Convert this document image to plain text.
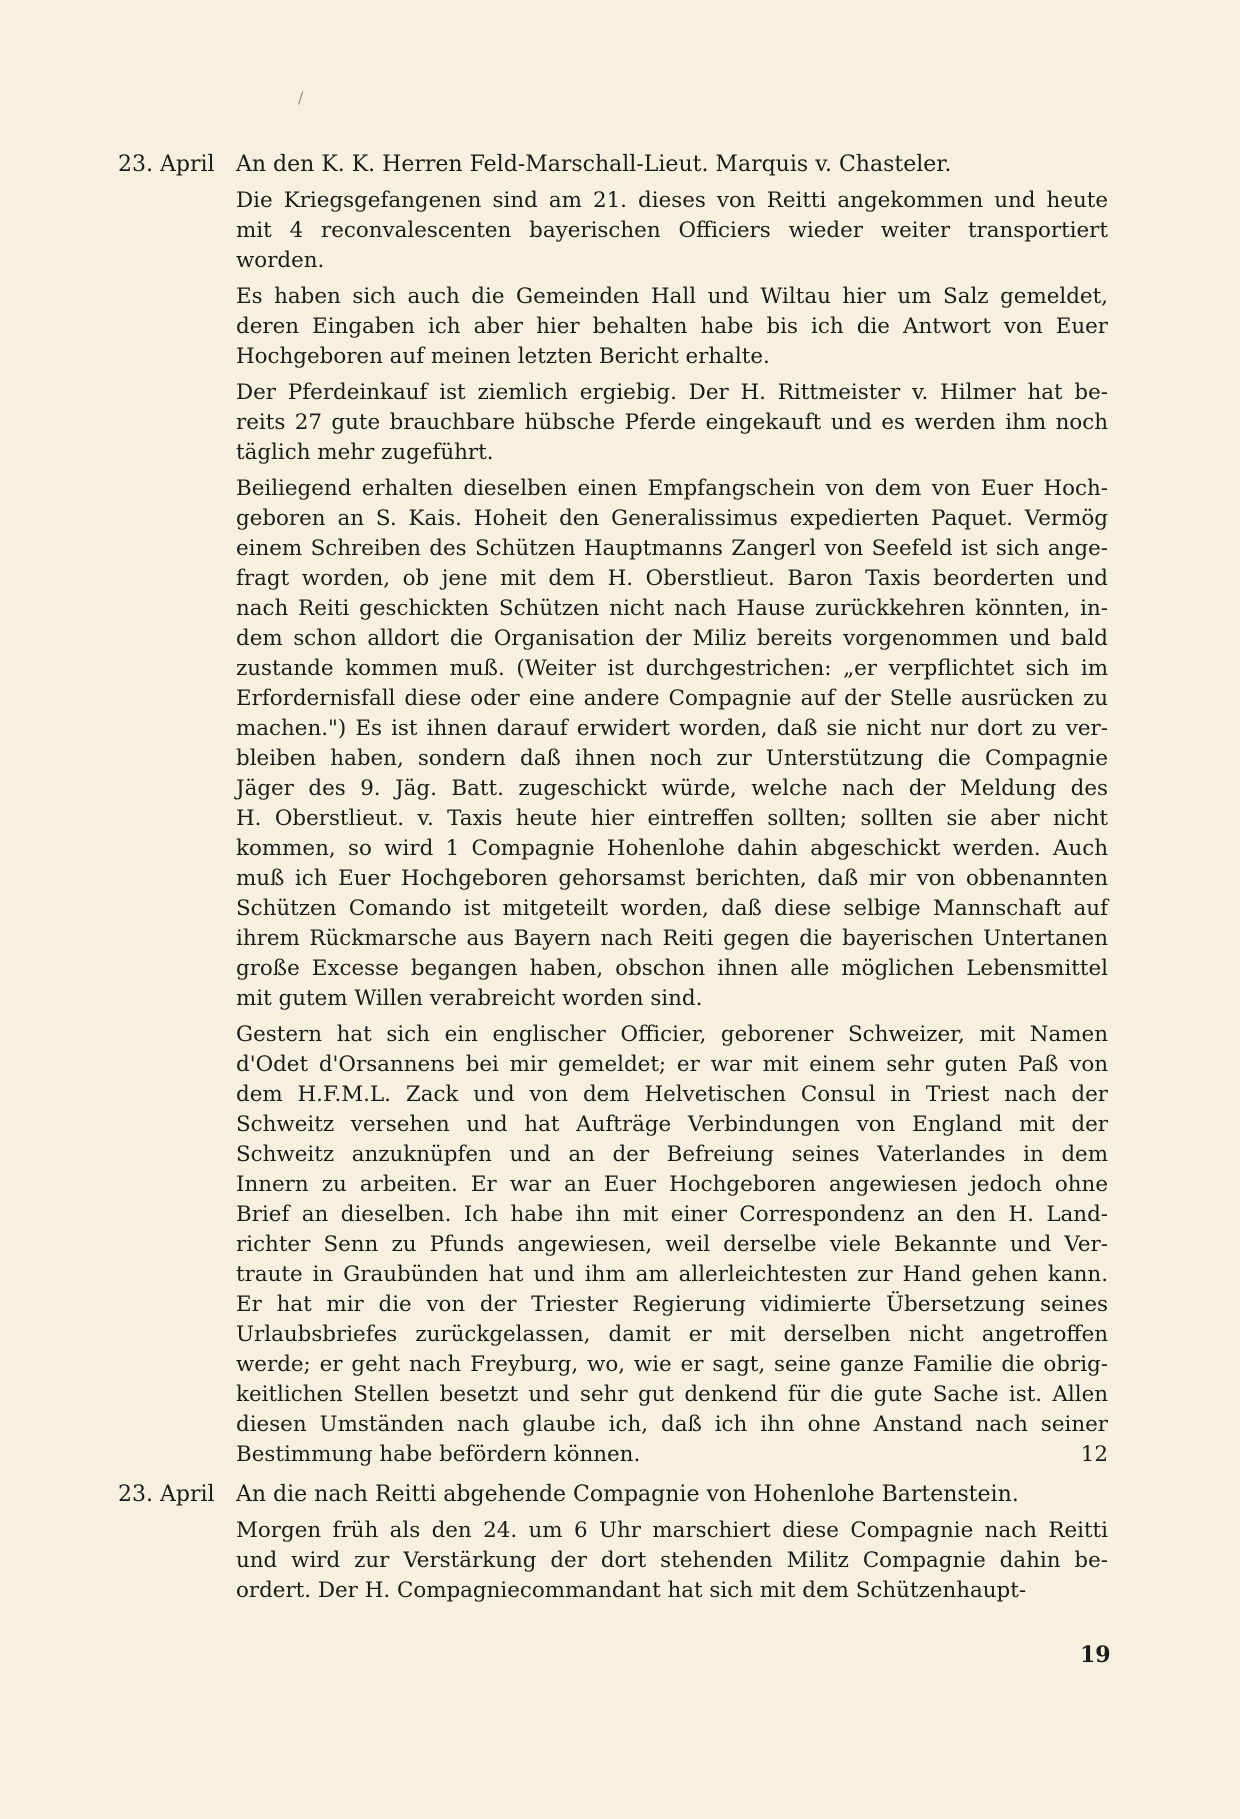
/
23. April An den K. K. Herren Feld-Marschall-Lieut. Marquis v. Chasteler.
Die Kriegsgefangenen sind am 21. dieses von Reitti angekommen und heute
mit 4 reconvalescenten bayerischen Officiers wieder weiter transportiert
worden.
Es haben sich auch die Gemeinden Hall und Wiltau hier um Salz gemeldet,
deren Eingaben ich aber hier behalten habe bis ich die Antwort von Euer
Hochgeboren auf meinen letzten Bericht erhalte.
Der Pferdeinkauf ist ziemlich ergiebig. Der H. Rittmeister v. Hilmer hat be-
reits 27 gute brauchbare hübsche Pferde eingekauft und es werden ihm noch
täglich mehr zugeführt.
Beiliegend erhalten dieselben einen Empfangschein von dem von Euer Hoch-
geboren an S. Kais. Hoheit den Generalissimus expedierten Paquet. Vermög
einem Schreiben des Schützen Hauptmanns Zangerl von Seefeld ist sich ange-
fragt worden, ob jene mit dem H. Oberstlieut. Baron Taxis beorderten und
nach Reiti geschickten Schützen nicht nach Hause zurückkehren könnten, in-
dem schon alldort die Organisation der Miliz bereits vorgenommen und bald
zustande kommen muß. (Weiter ist durchgestrichen: „er verpflichtet sich im
Erfordernisfall diese oder eine andere Compagnie auf der Stelle ausrücken zu
machen.") Es ist ihnen darauf erwidert worden, daß sie nicht nur dort zu ver-
bleiben haben, sondern daß ihnen noch zur Unterstützung die Compagnie
Jäger des 9. Jäg. Batt. zugeschickt würde, welche nach der Meldung des
H. Oberstlieut. v. Taxis heute hier eintreffen sollten; sollten sie aber nicht
kommen, so wird 1 Compagnie Hohenlohe dahin abgeschickt werden. Auch
muß ich Euer Hochgeboren gehorsamst berichten, daß mir von obbenannten
Schützen Comando ist mitgeteilt worden, daß diese selbige Mannschaft auf
ihrem Rückmarsche aus Bayern nach Reiti gegen die bayerischen Untertanen
große Excesse begangen haben, obschon ihnen alle möglichen Lebensmittel
mit gutem Willen verabreicht worden sind.
Gestern hat sich ein englischer Officier, geborener Schweizer, mit Namen
d'Odet d'Orsannens bei mir gemeldet; er war mit einem sehr guten Paß von
dem H.F.M.L. Zack und von dem Helvetischen Consul in Triest nach der
Schweitz versehen und hat Aufträge Verbindungen von England mit der
Schweitz anzuknüpfen und an der Befreiung seines Vaterlandes in dem
Innern zu arbeiten. Er war an Euer Hochgeboren angewiesen jedoch ohne
Brief an dieselben. Ich habe ihn mit einer Correspondenz an den H. Land-
richter Senn zu Pfunds angewiesen, weil derselbe viele Bekannte und Ver-
traute in Graubünden hat und ihm am allerleichtesten zur Hand gehen kann.
Er hat mir die von der Triester Regierung vidimierte Übersetzung seines
Urlaubsbriefes zurückgelassen, damit er mit derselben nicht angetroffen
werde; er geht nach Freyburg, wo, wie er sagt, seine ganze Familie die obrig-
keitlichen Stellen besetzt und sehr gut denkend für die gute Sache ist. Allen
diesen Umständen nach glaube ich, daß ich ihn ohne Anstand nach seiner
Bestimmung habe befördern können.	12
23. April An die nach Reitti abgehende Compagnie von Hohenlohe Bartenstein.
Morgen früh als den 24. um 6 Uhr marschiert diese Compagnie nach Reitti
und wird zur Verstärkung der dort stehenden Militz Compagnie dahin be-
ordert. Der H. Compagniecommandant hat sich mit dem Schützenhaupt-
19
